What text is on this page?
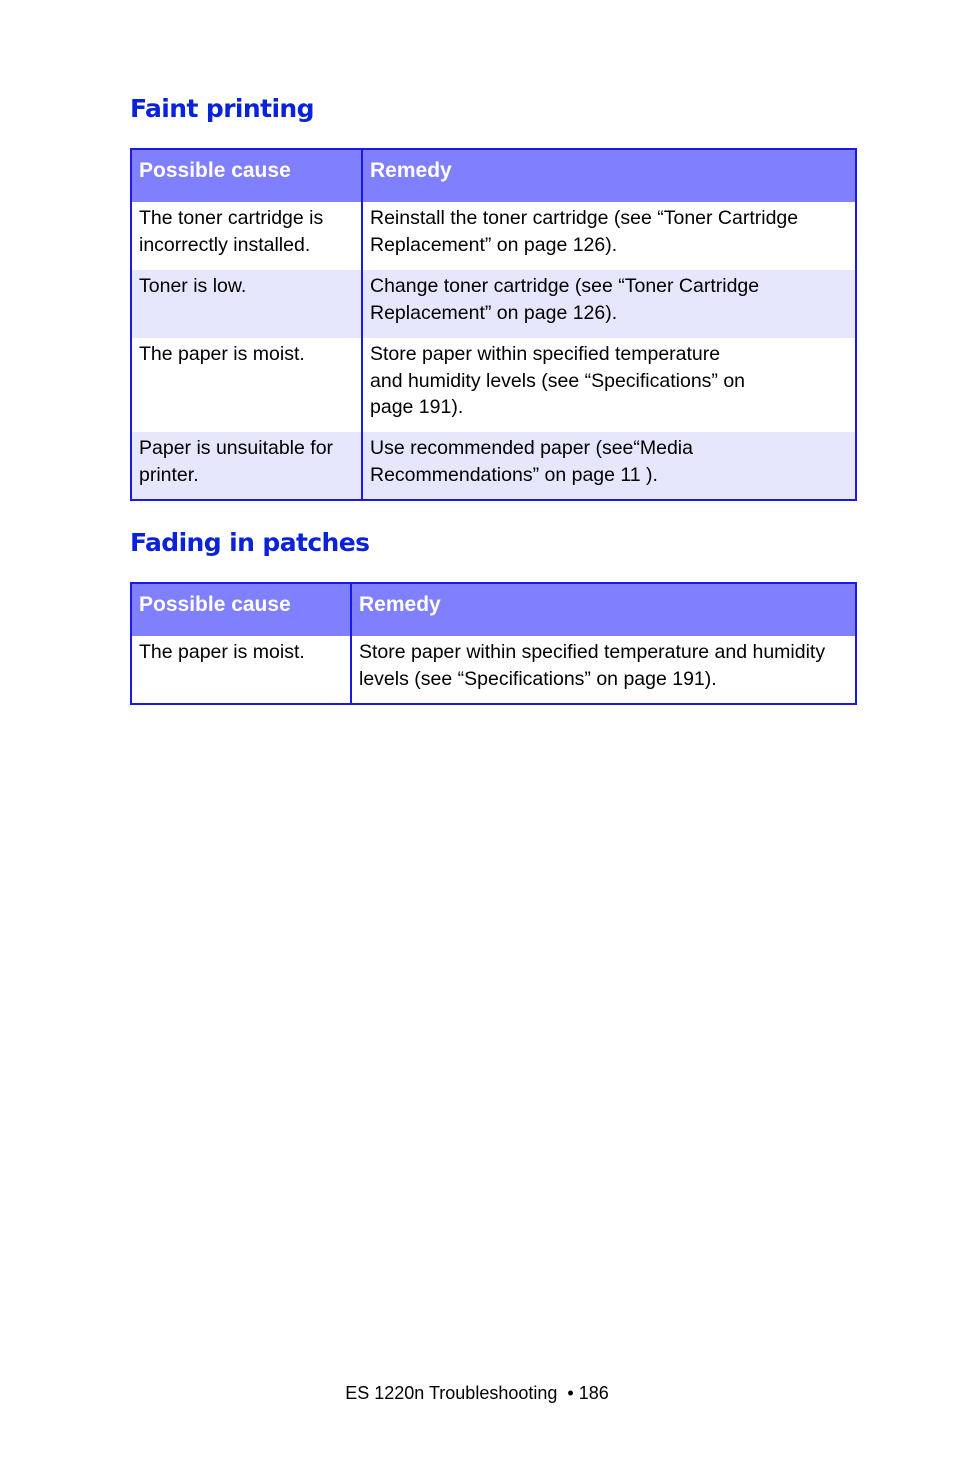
Faint printing
Possible cause	Remedy
The toner cartridge is incorrectly installed.	Reinstall the toner cartridge (see “Toner Cartridge Replacement” on page 126).
Toner is low.	Change toner cartridge (see “Toner Cartridge Replacement” on page 126).
The paper is moist.	Store paper within specified temperature and humidity levels (see “Specifications” on page 191).
Paper is unsuitable for printer.	Use recommended paper (see“Media Recommendations” on page 11 ).
Fading in patches
Possible cause	Remedy
The paper is moist.	Store paper within specified temperature and humidity levels (see “Specifications” on page 191).
ES 1220n Troubleshooting • 186
